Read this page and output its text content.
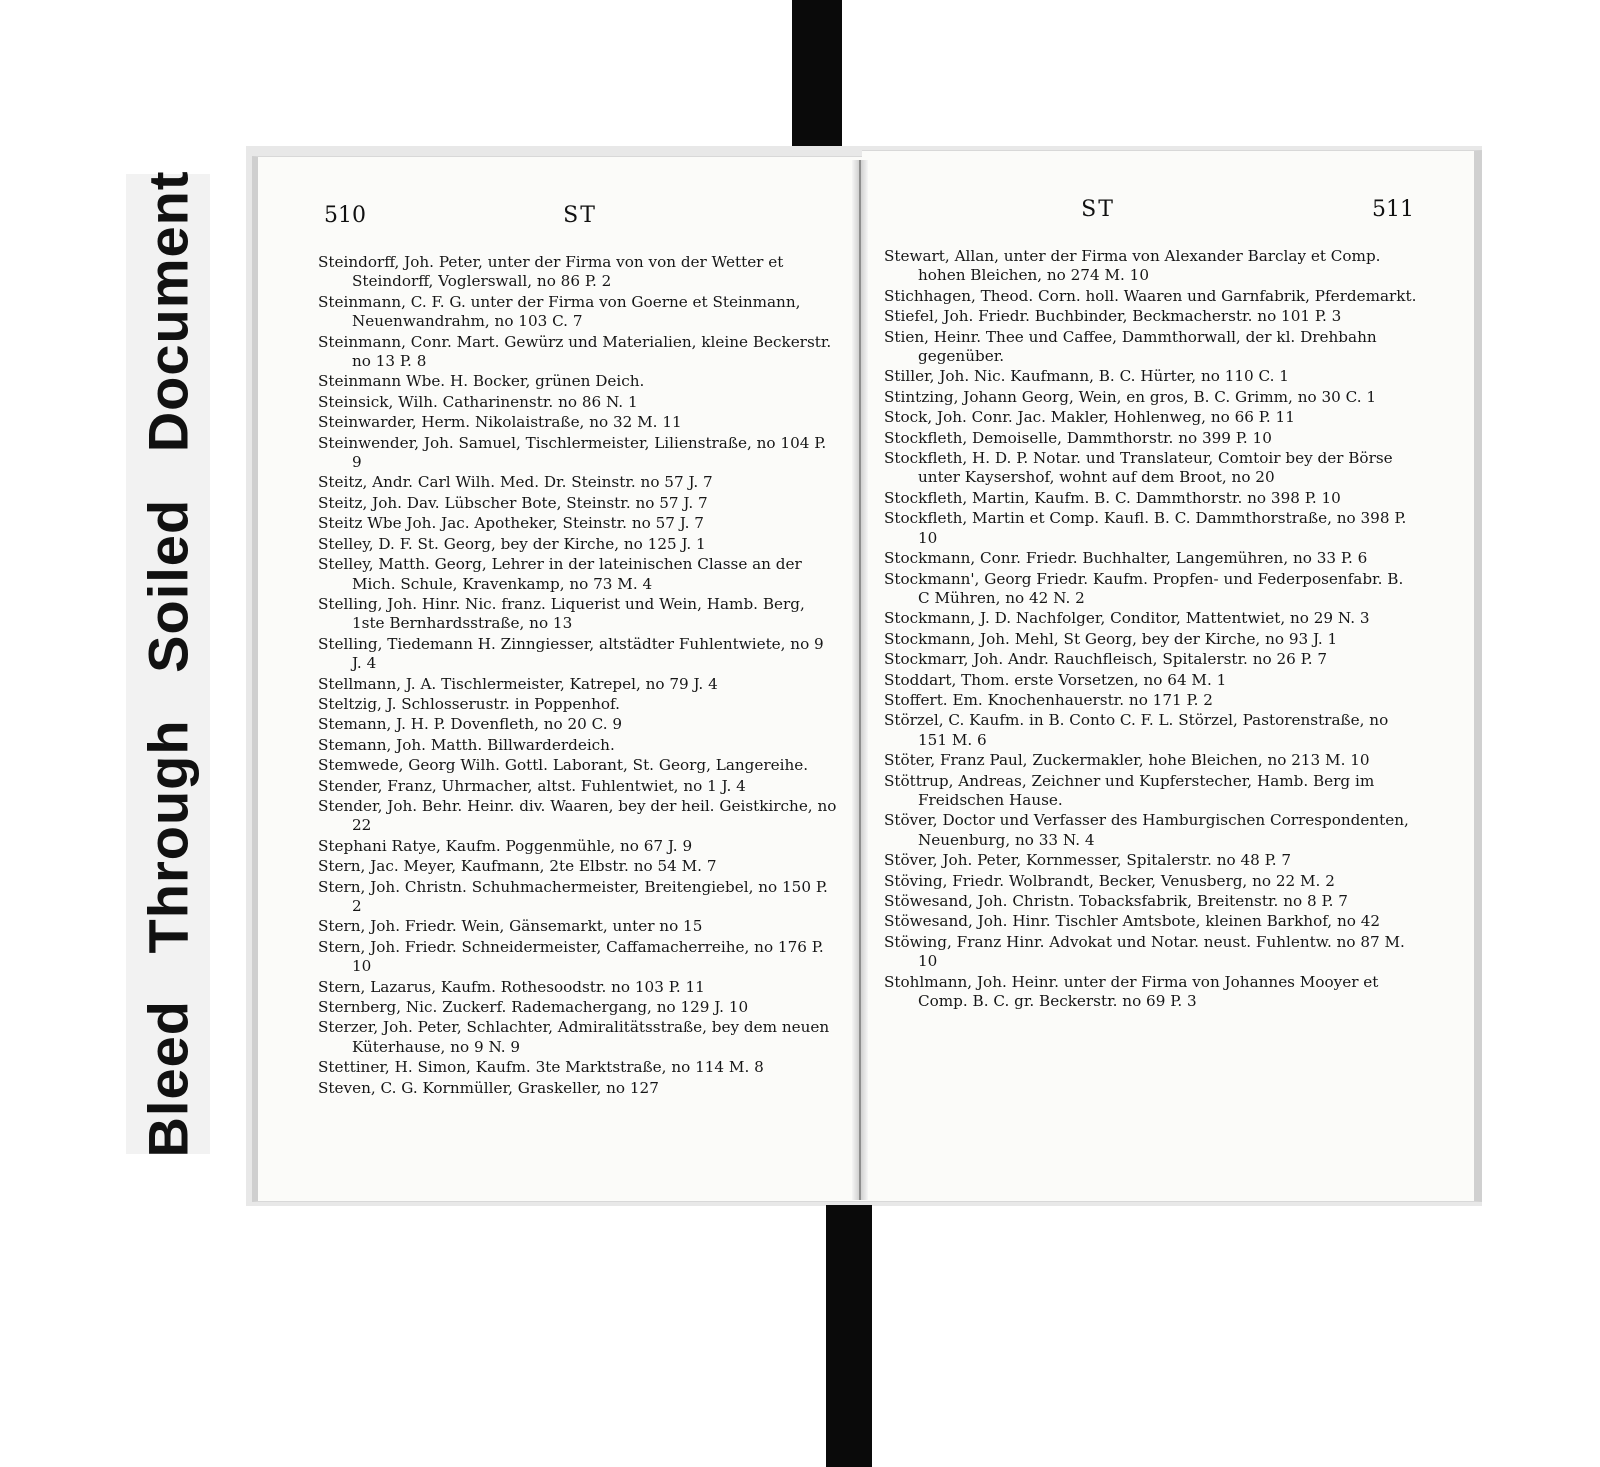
Bleed Through Soiled Document	510	ST
Steindorff, Joh. Peter, unter der Firma von von der Wetter et Steindorff, Voglerswall, no 86 P. 2
Steinmann, C. F. G. unter der Firma von Goerne et Steinmann, Neuenwandrahm, no 103 C. 7
Steinmann, Conr. Mart. Gewürz und Materialien, kleine Beckerstr. no 13 P. 8
Steinmann Wbe. H. Bocker, grünen Deich.
Steinsick, Wilh. Catharinenstr. no 86 N. 1
Steinwarder, Herm. Nikolaistraße, no 32 M. 11
Steinwender, Joh. Samuel, Tischlermeister, Lilienstraße, no 104 P. 9
Steitz, Andr. Carl Wilh. Med. Dr. Steinstr. no 57 J. 7
Steitz, Joh. Dav. Lübscher Bote, Steinstr. no 57 J. 7
Steitz Wbe Joh. Jac. Apotheker, Steinstr. no 57 J. 7
Stelley, D. F. St. Georg, bey der Kirche, no 125 J. 1
Stelley, Matth. Georg, Lehrer in der lateinischen Classe an der Mich. Schule, Kravenkamp, no 73 M. 4
Stelling, Joh. Hinr. Nic. franz. Liquerist und Wein, Hamb. Berg, 1ste Bernhardsstraße, no 13
Stelling, Tiedemann H. Zinngiesser, altstädter Fuhlentwiete, no 9 J. 4
Stellmann, J. A. Tischlermeister, Katrepel, no 79 J. 4
Steltzig, J. Schlosserustr. in Poppenhof.
Stemann, J. H. P. Dovenfleth, no 20 C. 9
Stemann, Joh. Matth. Billwarderdeich.
Stemwede, Georg Wilh. Gottl. Laborant, St. Georg, Langereihe.
Stender, Franz, Uhrmacher, altst. Fuhlentwiet, no 1 J. 4
Stender, Joh. Behr. Heinr. div. Waaren, bey der heil. Geistkirche, no 22
Stephani Ratye, Kaufm. Poggenmühle, no 67 J. 9
Stern, Jac. Meyer, Kaufmann, 2te Elbstr. no 54 M. 7
Stern, Joh. Christn. Schuhmachermeister, Breitengiebel, no 150 P. 2
Stern, Joh. Friedr. Wein, Gänsemarkt, unter no 15
Stern, Joh. Friedr. Schneidermeister, Caffamacherreihe, no 176 P. 10
Stern, Lazarus, Kaufm. Rothesoodstr. no 103 P. 11
Sternberg, Nic. Zuckerf. Rademachergang, no 129 J. 10
Sterzer, Joh. Peter, Schlachter, Admiralitätsstraße, bey dem neuen Küterhause, no 9 N. 9
Stettiner, H. Simon, Kaufm. 3te Marktstraße, no 114 M. 8
Steven, C. G. Kornmüller, Graskeller, no 127
ST	511
Stewart, Allan, unter der Firma von Alexander Barclay et Comp. hohen Bleichen, no 274 M. 10
Stichhagen, Theod. Corn. holl. Waaren und Garnfabrik, Pferdemarkt.
Stiefel, Joh. Friedr. Buchbinder, Beckmacherstr. no 101 P. 3
Stien, Heinr. Thee und Caffee, Dammthorwall, der kl. Drehbahn gegenüber.
Stiller, Joh. Nic. Kaufmann, B. C. Hürter, no 110 C. 1
Stintzing, Johann Georg, Wein, en gros, B. C. Grimm, no 30 C. 1
Stock, Joh. Conr. Jac. Makler, Hohlenweg, no 66 P. 11
Stockfleth, Demoiselle, Dammthorstr. no 399 P. 10
Stockfleth, H. D. P. Notar. und Translateur, Comtoir bey der Börse unter Kaysershof, wohnt auf dem Broot, no 20
Stockfleth, Martin, Kaufm. B. C. Dammthorstr. no 398 P. 10
Stockfleth, Martin et Comp. Kaufl. B. C. Dammthorstraße, no 398 P. 10
Stockmann, Conr. Friedr. Buchhalter, Langemühren, no 33 P. 6
Stockmann', Georg Friedr. Kaufm. Propfen- und Federposenfabr. B. C Mühren, no 42 N. 2
Stockmann, J. D. Nachfolger, Conditor, Mattentwiet, no 29 N. 3
Stockmann, Joh. Mehl, St Georg, bey der Kirche, no 93 J. 1
Stockmarr, Joh. Andr. Rauchfleisch, Spitalerstr. no 26 P. 7
Stoddart, Thom. erste Vorsetzen, no 64 M. 1
Stoffert. Em. Knochenhauerstr. no 171 P. 2
Störzel, C. Kaufm. in B. Conto C. F. L. Störzel, Pastorenstraße, no 151 M. 6
Stöter, Franz Paul, Zuckermakler, hohe Bleichen, no 213 M. 10
Stöttrup, Andreas, Zeichner und Kupferstecher, Hamb. Berg im Freidschen Hause.
Stöver, Doctor und Verfasser des Hamburgischen Correspondenten, Neuenburg, no 33 N. 4
Stöver, Joh. Peter, Kornmesser, Spitalerstr. no 48 P. 7
Stöving, Friedr. Wolbrandt, Becker, Venusberg, no 22 M. 2
Stöwesand, Joh. Christn. Tobacksfabrik, Breitenstr. no 8 P. 7
Stöwesand, Joh. Hinr. Tischler Amtsbote, kleinen Barkhof, no 42
Stöwing, Franz Hinr. Advokat und Notar. neust. Fuhlentw. no 87 M. 10
Stohlmann, Joh. Heinr. unter der Firma von Johannes Mooyer et Comp. B. C. gr. Beckerstr. no 69 P. 3
